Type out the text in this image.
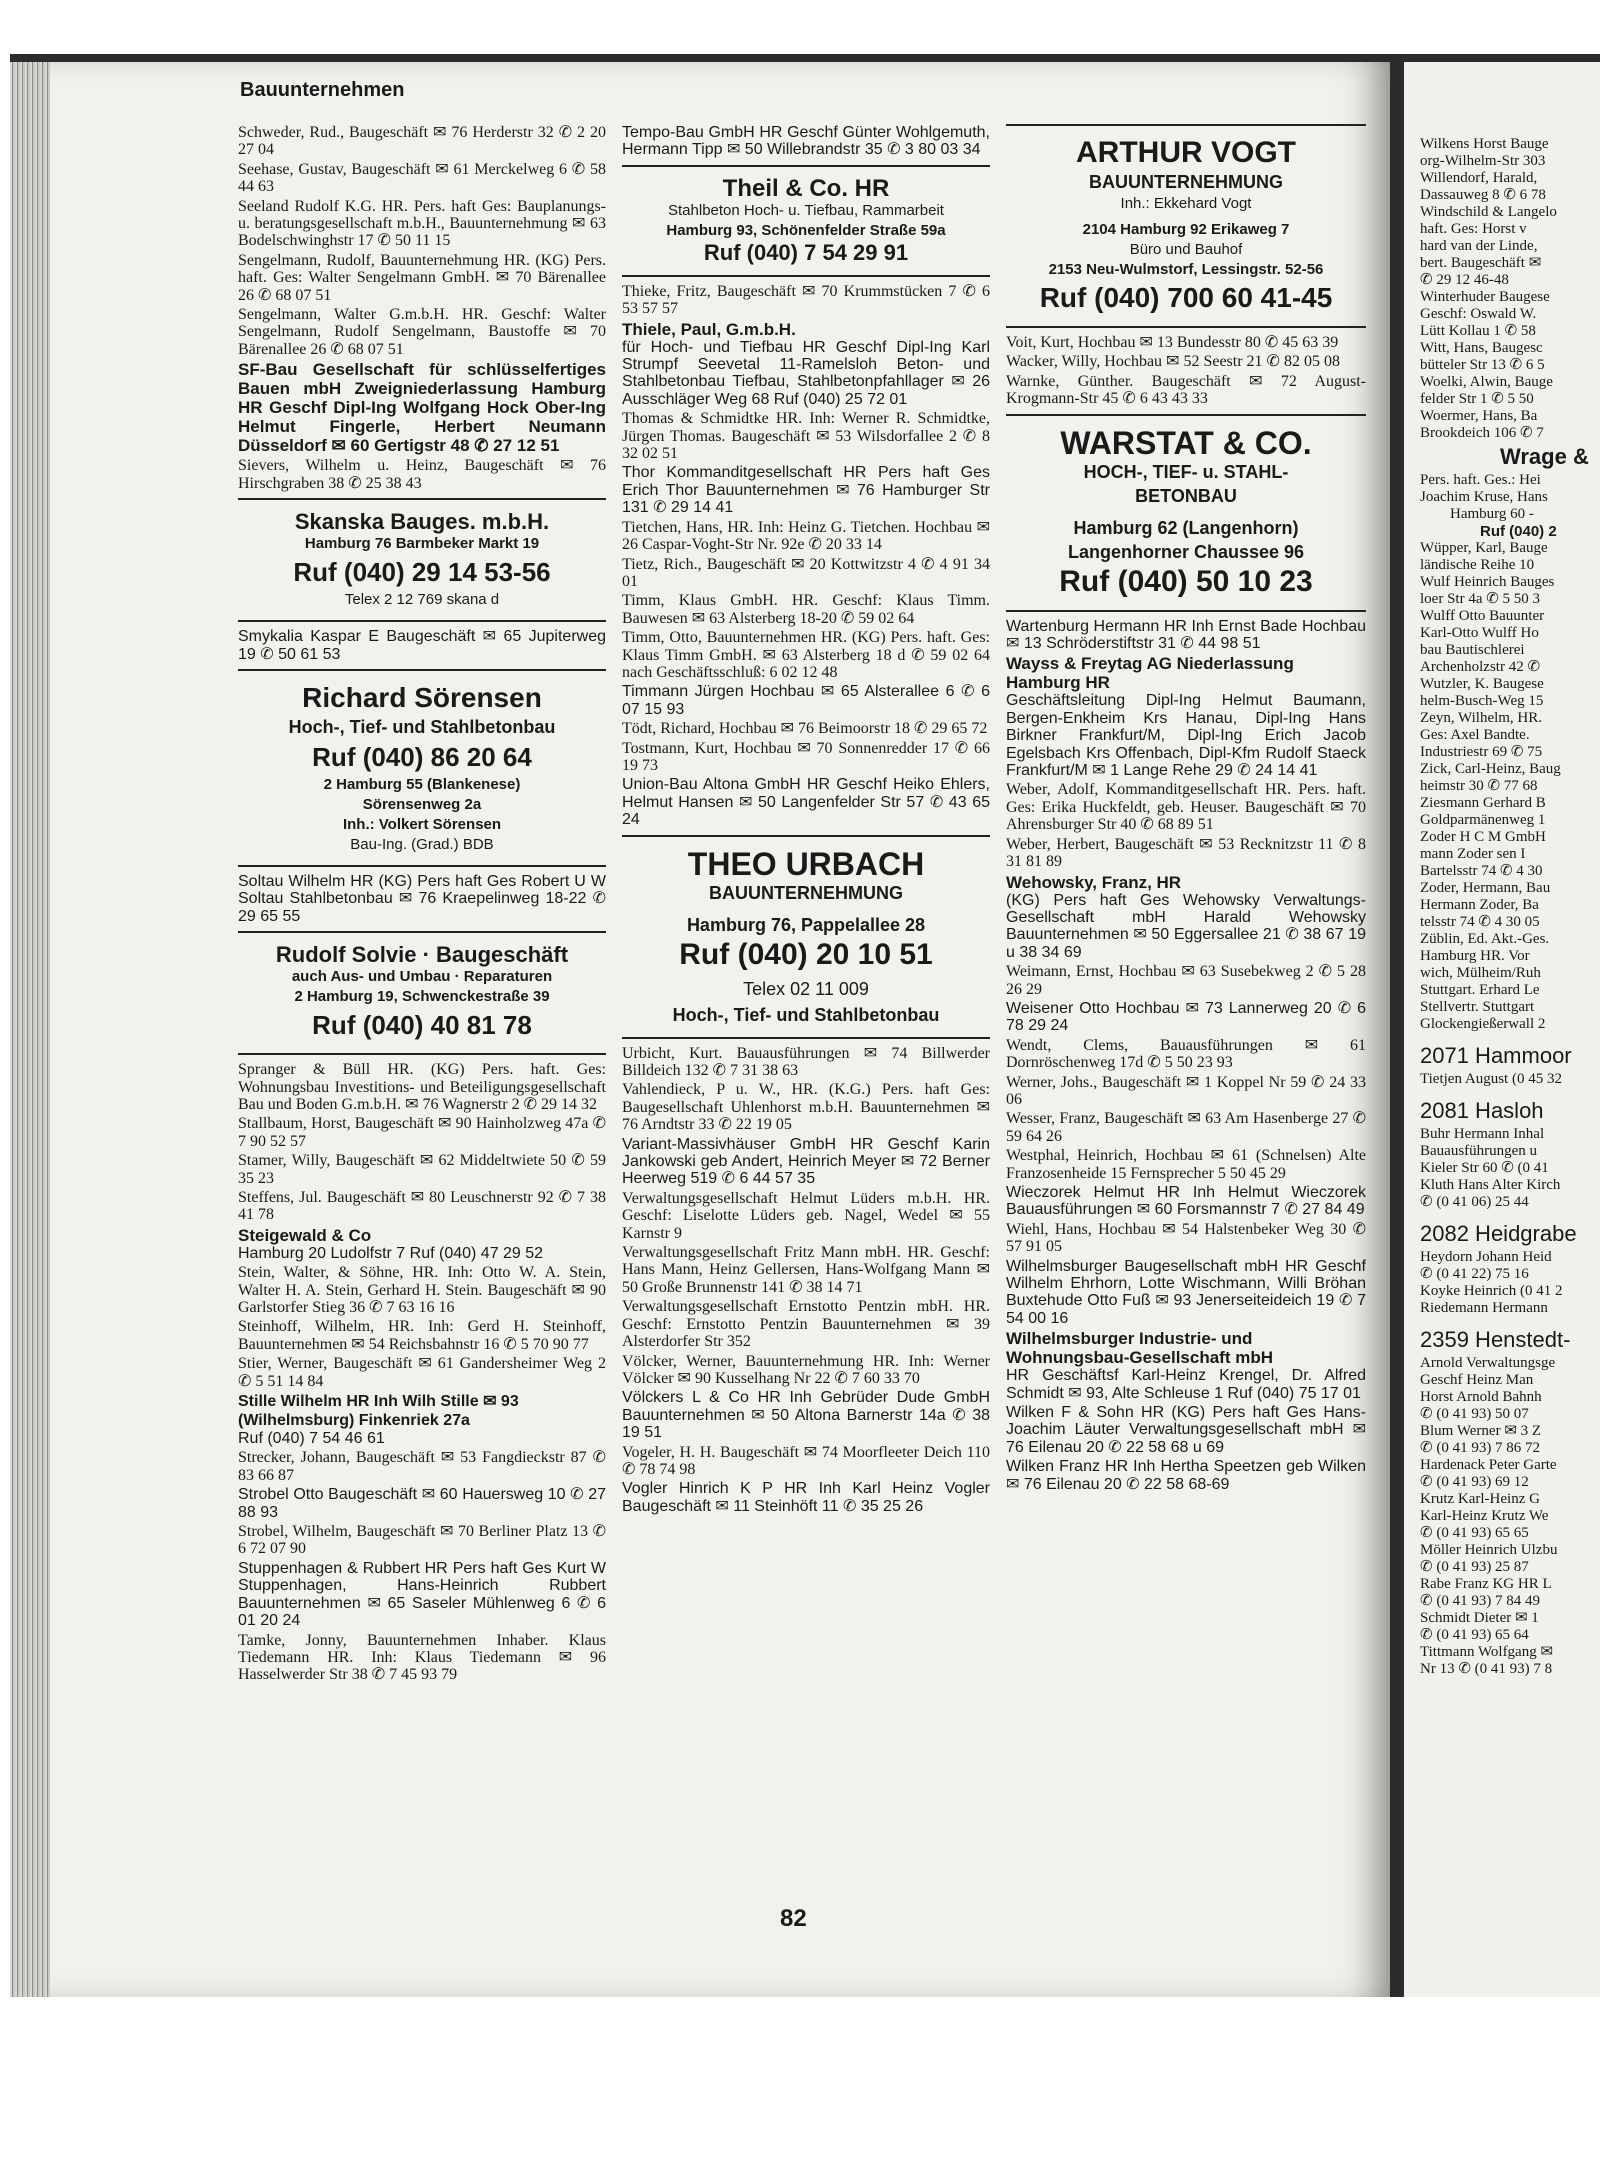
Bauunternehmen
Schweder, Rud., Baugeschäft ✉ 76 Herderstr 32 ✆ 2 20 27 04
Seehase, Gustav, Baugeschäft ✉ 61 Merckelweg 6 ✆ 58 44 63
Seeland Rudolf K.G. HR. Pers. haft Ges: Bauplanungs- u. beratungsgesellschaft m.b.H., Bauunternehmung ✉ 63 Bodelschwinghstr 17 ✆ 50 11 15
Sengelmann, Rudolf, Bauunternehmung HR. (KG) Pers. haft. Ges: Walter Sengelmann GmbH. ✉ 70 Bärenallee 26 ✆ 68 07 51
Sengelmann, Walter G.m.b.H. HR. Geschf: Walter Sengelmann, Rudolf Sengelmann, Baustoffe ✉ 70 Bärenallee 26 ✆ 68 07 51
SF-Bau Gesellschaft für schlüsselfertiges Bauen mbH Zweigniederlassung Hamburg HR Geschf Dipl-Ing Wolfgang Hock Ober-Ing Helmut Fingerle, Herbert Neumann Düsseldorf ✉ 60 Gertigstr 48 ✆ 27 12 51
Sievers, Wilhelm u. Heinz, Baugeschäft ✉ 76 Hirschgraben 38 ✆ 25 38 43
Skanska Bauges. m.b.H.
Hamburg 76 Barmbeker Markt 19
Ruf (040) 29 14 53-56
Telex 2 12 769 skana d
Smykalia Kaspar E Baugeschäft ✉ 65 Jupiterweg 19 ✆ 50 61 53
Richard Sörensen
Hoch-, Tief- und Stahlbetonbau
Ruf (040) 86 20 64
2 Hamburg 55 (Blankenese)
Sörensenweg 2a
Inh.: Volkert Sörensen
Bau-Ing. (Grad.) BDB
Soltau Wilhelm HR (KG) Pers haft Ges Robert U W Soltau Stahlbetonbau ✉ 76 Kraepelinweg 18-22 ✆ 29 65 55
Rudolf Solvie · Baugeschäft
auch Aus- und Umbau · Reparaturen
2 Hamburg 19, Schwenckestraße 39
Ruf (040) 40 81 78
Spranger & Büll HR. (KG) Pers. haft. Ges: Wohnungsbau Investitions- und Beteiligungsgesellschaft Bau und Boden G.m.b.H. ✉ 76 Wagnerstr 2 ✆ 29 14 32
Stallbaum, Horst, Baugeschäft ✉ 90 Hainholzweg 47a ✆ 7 90 52 57
Stamer, Willy, Baugeschäft ✉ 62 Middeltwiete 50 ✆ 59 35 23
Steffens, Jul. Baugeschäft ✉ 80 Leuschnerstr 92 ✆ 7 38 41 78
Steigewald & Co
Hamburg 20 Ludolfstr 7 Ruf (040) 47 29 52
Stein, Walter, & Söhne, HR. Inh: Otto W. A. Stein, Walter H. A. Stein, Gerhard H. Stein. Baugeschäft ✉ 90 Garlstorfer Stieg 36 ✆ 7 63 16 16
Steinhoff, Wilhelm, HR. Inh: Gerd H. Steinhoff, Bauunternehmen ✉ 54 Reichsbahnstr 16 ✆ 5 70 90 77
Stier, Werner, Baugeschäft ✉ 61 Gandersheimer Weg 2 ✆ 5 51 14 84
Stille Wilhelm HR Inh Wilh Stille ✉ 93 (Wilhelmsburg) Finkenriek 27a
Ruf (040) 7 54 46 61
Strecker, Johann, Baugeschäft ✉ 53 Fangdieckstr 87 ✆ 83 66 87
Strobel Otto Baugeschäft ✉ 60 Hauersweg 10 ✆ 27 88 93
Strobel, Wilhelm, Baugeschäft ✉ 70 Berliner Platz 13 ✆ 6 72 07 90
Stuppenhagen & Rubbert HR Pers haft Ges Kurt W Stuppenhagen, Hans-Heinrich Rubbert Bauunternehmen ✉ 65 Saseler Mühlenweg 6 ✆ 6 01 20 24
Tamke, Jonny, Bauunternehmen Inhaber. Klaus Tiedemann HR. Inh: Klaus Tiedemann ✉ 96 Hasselwerder Str 38 ✆ 7 45 93 79
Tempo-Bau GmbH HR Geschf Günter Wohlgemuth, Hermann Tipp ✉ 50 Willebrandstr 35 ✆ 3 80 03 34
Theil & Co. HR
Stahlbeton Hoch- u. Tiefbau, Rammarbeit
Hamburg 93, Schönenfelder Straße 59a
Ruf (040) 7 54 29 91
Thieke, Fritz, Baugeschäft ✉ 70 Krummstücken 7 ✆ 6 53 57 57
Thiele, Paul, G.m.b.H.
für Hoch- und Tiefbau HR Geschf Dipl-Ing Karl Strumpf Seevetal 11-Ramelsloh Beton- und Stahlbetonbau Tiefbau, Stahlbetonpfahllager ✉ 26 Ausschläger Weg 68 Ruf (040) 25 72 01
Thomas & Schmidtke HR. Inh: Werner R. Schmidtke, Jürgen Thomas. Baugeschäft ✉ 53 Wilsdorfallee 2 ✆ 8 32 02 51
Thor Kommanditgesellschaft HR Pers haft Ges Erich Thor Bauunternehmen ✉ 76 Hamburger Str 131 ✆ 29 14 41
Tietchen, Hans, HR. Inh: Heinz G. Tietchen. Hochbau ✉ 26 Caspar-Voght-Str Nr. 92e ✆ 20 33 14
Tietz, Rich., Baugeschäft ✉ 20 Kottwitzstr 4 ✆ 4 91 34 01
Timm, Klaus GmbH. HR. Geschf: Klaus Timm. Bauwesen ✉ 63 Alsterberg 18-20 ✆ 59 02 64
Timm, Otto, Bauunternehmen HR. (KG) Pers. haft. Ges: Klaus Timm GmbH. ✉ 63 Alsterberg 18 d ✆ 59 02 64 nach Geschäftsschluß: 6 02 12 48
Timmann Jürgen Hochbau ✉ 65 Alsterallee 6 ✆ 6 07 15 93
Tödt, Richard, Hochbau ✉ 76 Beimoorstr 18 ✆ 29 65 72
Tostmann, Kurt, Hochbau ✉ 70 Sonnenredder 17 ✆ 66 19 73
Union-Bau Altona GmbH HR Geschf Heiko Ehlers, Helmut Hansen ✉ 50 Langenfelder Str 57 ✆ 43 65 24
THEO URBACH
BAUUNTERNEHMUNG
Hamburg 76, Pappelallee 28
Ruf (040) 20 10 51
Telex 02 11 009
Hoch-, Tief- und Stahlbetonbau
Urbicht, Kurt. Bauausführungen ✉ 74 Billwerder Billdeich 132 ✆ 7 31 38 63
Vahlendieck, P u. W., HR. (K.G.) Pers. haft Ges: Baugesellschaft Uhlenhorst m.b.H. Bauunternehmen ✉ 76 Arndtstr 33 ✆ 22 19 05
Variant-Massivhäuser GmbH HR Geschf Karin Jankowski geb Andert, Heinrich Meyer ✉ 72 Berner Heerweg 519 ✆ 6 44 57 35
Verwaltungsgesellschaft Helmut Lüders m.b.H. HR. Geschf: Liselotte Lüders geb. Nagel, Wedel ✉ 55 Karnstr 9
Verwaltungsgesellschaft Fritz Mann mbH. HR. Geschf: Hans Mann, Heinz Gellersen, Hans-Wolfgang Mann ✉ 50 Große Brunnenstr 141 ✆ 38 14 71
Verwaltungsgesellschaft Ernstotto Pentzin mbH. HR. Geschf: Ernstotto Pentzin Bauunternehmen ✉ 39 Alsterdorfer Str 352
Völcker, Werner, Bauunternehmung HR. Inh: Werner Völcker ✉ 90 Kusselhang Nr 22 ✆ 7 60 33 70
Völckers L & Co HR Inh Gebrüder Dude GmbH Bauunternehmen ✉ 50 Altona Barnerstr 14a ✆ 38 19 51
Vogeler, H. H. Baugeschäft ✉ 74 Moorfleeter Deich 110 ✆ 78 74 98
Vogler Hinrich K P HR Inh Karl Heinz Vogler Baugeschäft ✉ 11 Steinhöft 11 ✆ 35 25 26
ARTHUR VOGT
BAUUNTERNEHMUNG
Inh.: Ekkehard Vogt
2104 Hamburg 92 Erikaweg 7
Büro und Bauhof
2153 Neu-Wulmstorf, Lessingstr. 52-56
Ruf (040) 700 60 41-45
Voit, Kurt, Hochbau ✉ 13 Bundesstr 80 ✆ 45 63 39
Wacker, Willy, Hochbau ✉ 52 Seestr 21 ✆ 82 05 08
Warnke, Günther. Baugeschäft ✉ 72 August-Krogmann-Str 45 ✆ 6 43 43 33
WARSTAT & CO.
HOCH-, TIEF- u. STAHL-
BETONBAU
Hamburg 62 (Langenhorn)
Langenhorner Chaussee 96
Ruf (040) 50 10 23
Wartenburg Hermann HR Inh Ernst Bade Hochbau ✉ 13 Schröderstiftstr 31 ✆ 44 98 51
Wayss & Freytag AG Niederlassung Hamburg HR
Geschäftsleitung Dipl-Ing Helmut Baumann, Bergen-Enkheim Krs Hanau, Dipl-Ing Hans Birkner Frankfurt/M, Dipl-Ing Erich Jacob Egelsbach Krs Offenbach, Dipl-Kfm Rudolf Staeck Frankfurt/M ✉ 1 Lange Rehe 29 ✆ 24 14 41
Weber, Adolf, Kommanditgesellschaft HR. Pers. haft. Ges: Erika Huckfeldt, geb. Heuser. Baugeschäft ✉ 70 Ahrensburger Str 40 ✆ 68 89 51
Weber, Herbert, Baugeschäft ✉ 53 Recknitzstr 11 ✆ 8 31 81 89
Wehowsky, Franz, HR
(KG) Pers haft Ges Wehowsky Verwaltungs-Gesellschaft mbH Harald Wehowsky Bauunternehmen ✉ 50 Eggersallee 21 ✆ 38 67 19 u 38 34 69
Weimann, Ernst, Hochbau ✉ 63 Susebekweg 2 ✆ 5 28 26 29
Weisener Otto Hochbau ✉ 73 Lannerweg 20 ✆ 6 78 29 24
Wendt, Clems, Bauausführungen ✉ 61 Dornröschenweg 17d ✆ 5 50 23 93
Werner, Johs., Baugeschäft ✉ 1 Koppel Nr 59 ✆ 24 33 06
Wesser, Franz, Baugeschäft ✉ 63 Am Hasenberge 27 ✆ 59 64 26
Westphal, Heinrich, Hochbau ✉ 61 (Schnelsen) Alte Franzosenheide 15 Fernsprecher 5 50 45 29
Wieczorek Helmut HR Inh Helmut Wieczorek Bauausführungen ✉ 60 Forsmannstr 7 ✆ 27 84 49
Wiehl, Hans, Hochbau ✉ 54 Halstenbeker Weg 30 ✆ 57 91 05
Wilhelmsburger Baugesellschaft mbH HR Geschf Wilhelm Ehrhorn, Lotte Wischmann, Willi Bröhan Buxtehude Otto Fuß ✉ 93 Jenerseiteideich 19 ✆ 7 54 00 16
Wilhelmsburger Industrie- und Wohnungsbau-Gesellschaft mbH
HR Geschäftsf Karl-Heinz Krengel, Dr. Alfred Schmidt ✉ 93, Alte Schleuse 1 Ruf (040) 75 17 01
Wilken F & Sohn HR (KG) Pers haft Ges Hans-Joachim Läuter Verwaltungsgesellschaft mbH ✉ 76 Eilenau 20 ✆ 22 58 68 u 69
Wilken Franz HR Inh Hertha Speetzen geb Wilken ✉ 76 Eilenau 20 ✆ 22 58 68-69
82
Wilkens Horst Bauge
org-Wilhelm-Str 303
Willendorf, Harald,
Dassauweg 8 ✆ 6 78
Windschild & Langelo
haft. Ges: Horst v
hard van der Linde,
bert. Baugeschäft ✉
✆ 29 12 46-48
Winterhuder Baugese
Geschf: Oswald W.
Lütt Kollau 1 ✆ 58
Witt, Hans, Baugesc
bütteler Str 13 ✆ 6 5
Woelki, Alwin, Bauge
felder Str 1 ✆ 5 50
Woermer, Hans, Ba
Brookdeich 106 ✆ 7
Wrage &
Pers. haft. Ges.: Hei
Joachim Kruse, Hans
Hamburg 60 -
Ruf (040) 2
Wüpper, Karl, Bauge
ländische Reihe 10
Wulf Heinrich Bauges
loer Str 4a ✆ 5 50 3
Wulff Otto Bauunter
Karl-Otto Wulff Ho
bau Bautischlerei
Archenholzstr 42 ✆
Wutzler, K. Baugese
helm-Busch-Weg 15
Zeyn, Wilhelm, HR.
Ges: Axel Bandte.
Industriestr 69 ✆ 75
Zick, Carl-Heinz, Baug
heimstr 30 ✆ 77 68
Ziesmann Gerhard B
Goldparmänenweg 1
Zoder H C M GmbH
mann Zoder sen I
Bartelsstr 74 ✆ 4 30
Zoder, Hermann, Bau
Hermann Zoder, Ba
telsstr 74 ✆ 4 30 05
Züblin, Ed. Akt.-Ges.
Hamburg HR. Vor
wich, Mülheim/Ruh
Stuttgart. Erhard Le
Stellvertr. Stuttgart
Glockengießerwall 2
2071 Hammoor
Tietjen August (0 45 32
2081 Hasloh
Buhr Hermann Inhal
Bauausführungen u
Kieler Str 60 ✆ (0 41
Kluth Hans Alter Kirch
✆ (0 41 06) 25 44
2082 Heidgrabe
Heydorn Johann Heid
✆ (0 41 22) 75 16
Koyke Heinrich (0 41 2
Riedemann Hermann
2359 Henstedt-
Arnold Verwaltungsge
Geschf Heinz Man
Horst Arnold Bahnh
✆ (0 41 93) 50 07
Blum Werner ✉ 3 Z
✆ (0 41 93) 7 86 72
Hardenack Peter Garte
✆ (0 41 93) 69 12
Krutz Karl-Heinz G
Karl-Heinz Krutz We
✆ (0 41 93) 65 65
Möller Heinrich Ulzbu
✆ (0 41 93) 25 87
Rabe Franz KG HR L
✆ (0 41 93) 7 84 49
Schmidt Dieter ✉ 1
✆ (0 41 93) 65 64
Tittmann Wolfgang ✉
Nr 13 ✆ (0 41 93) 7 8
